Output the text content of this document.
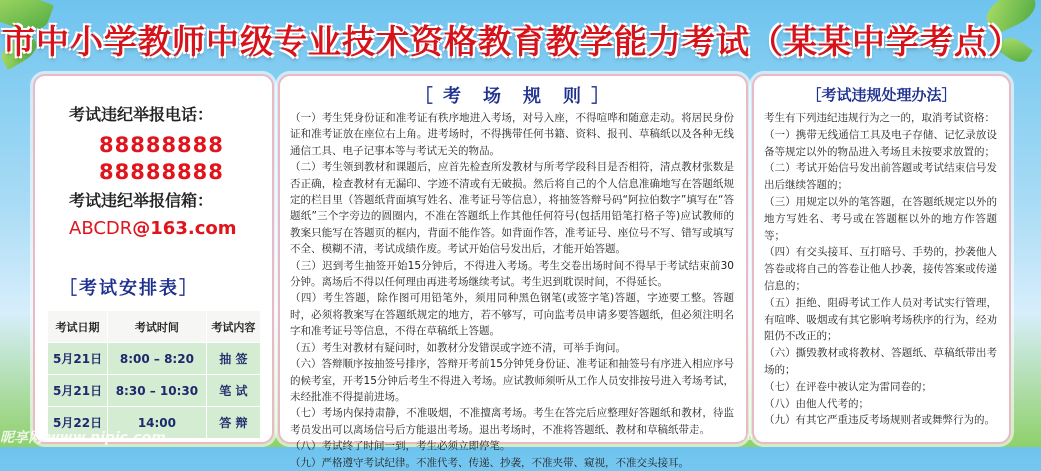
市中小学教师中级专业技术资格教育教学能力考试（某某中学考点）
考试违纪举报电话：
88888888
88888888
考试违纪举报信箱：
ABCDR@163.com
［考试安排表］
考试日期	考试时间	考试内容
5月21日	8:00 – 8:20	抽 签
5月21日	8:30 – 10:30	笔 试
5月22日	14:00	答 辩
［ 考　场　规　则 ］
（一）考生凭身份证和准考证有秩序地进入考场，对号入座，不得喧哗和随意走动。将居民身份证和准考证放在座位右上角。进考场时，不得携带任何书籍、资料、报刊、草稿纸以及各种无线通信工具、电子记事本等与考试无关的物品。
（二）考生领到教材和课题后，应首先检查所发教材与所考学段科目是否相符，清点教材张数是否正确，检查教材有无漏印、字迹不清或有无破损。然后将自己的个人信息准确地写在答题纸规定的栏目里（答题纸背面填写姓名、准考证号等信息），将抽签答辩号码“阿拉伯数字”填写在“答题纸”三个字旁边的圆圈内，不准在答题纸上作其他任何符号(包括用铅笔打格子等)应试教师的教案只能写在答题页的框内，背面不能作答。如背面作答，准考证号、座位号不写、错写或填写不全、模糊不清，考试成绩作废。考试开始信号发出后，才能开始答题。
（三）迟到考生抽签开始15分钟后，不得进入考场。考生交卷出场时间不得早于考试结束前30分钟。离场后不得以任何理由再进考场继续考试。考生迟到耽误时间，不得延长。
（四）考生答题，除作图可用铅笔外，须用同种黑色钢笔(或签字笔)答题，字迹要工整。答题时，必须将教案写在答题纸规定的地方，若不够写，可向监考员申请多要答题纸，但必须注明名字和准考证号等信息，不得在草稿纸上答题。
（五）考生对教材有疑问时，如教材分发错误或字迹不清，可举手询问。
（六）答辩顺序按抽签号排序，答辩开考前15分钟凭身份证、准考证和抽签号有序进入相应序号的候考室，开考15分钟后考生不得进入考场。应试教师须听从工作人员安排按号进入考场考试，未经批准不得提前进场。
（七）考场内保持肃静，不准吸烟，不准擅离考场。考生在答完后应整理好答题纸和教材，待监考员发出可以离场信号后方能退出考场。退出考场时，不准将答题纸、教材和草稿纸带走。
（八）考试终了时间一到，考生必须立即停笔。
（九）严格遵守考试纪律。不准代考、传递、抄袭，不准夹带、窥视，不准交头接耳。
［考试违规处理办法］
考生有下列违纪违规行为之一的，取消考试资格：
（一）携带无线通信工具及电子存储、记忆录放设备等规定以外的物品进入考场且未按要求放置的；
（二）考试开始信号发出前答题或考试结束信号发出后继续答题的；
（三）用规定以外的笔答题，在答题纸规定以外的地方写姓名、考号或在答题框以外的地方作答题等；
（四）有交头接耳、互打暗号、手势的，抄袭他人答卷或将自己的答卷让他人抄袭，接传答案或传递信息的；
（五）拒绝、阻碍考试工作人员对考试实行管理，有喧哗、吸烟或有其它影响考场秩序的行为，经劝阻仍不改正的；
（六）撕毁教材或将教材、答题纸、草稿纸带出考场的；
（七）在评卷中被认定为雷同卷的；
（八）由他人代考的；
（九）有其它严重违反考场规则者或舞弊行为的。
昵享网 www.nipic.com	ID:11580570 NO:20161107011618143925017
